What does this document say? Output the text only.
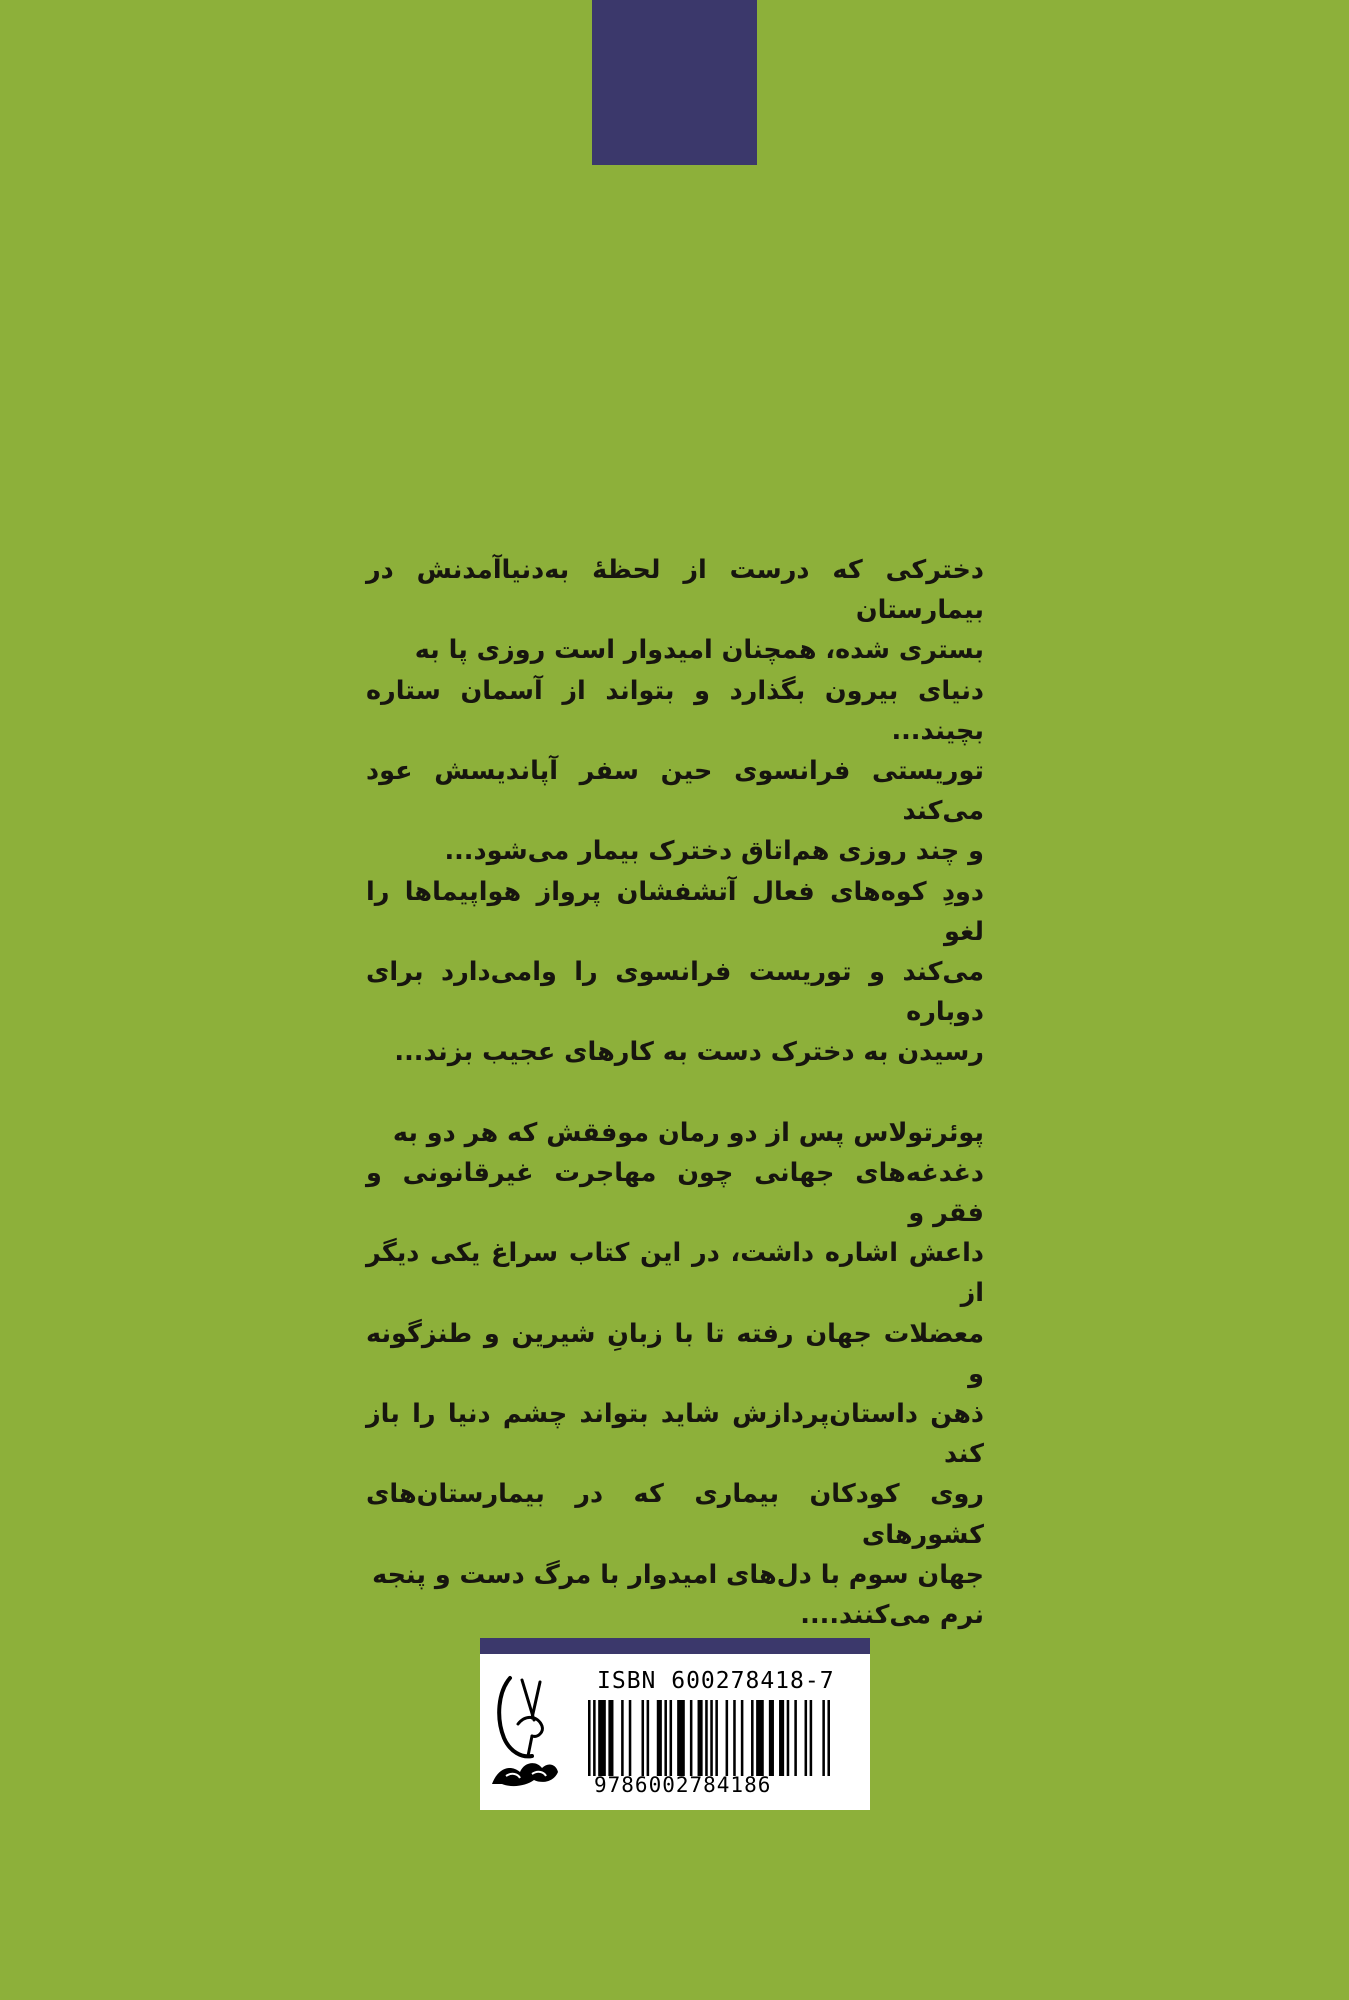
دختر‌کی که درست از لحظهٔ به‌دنیاآمدنش در بیمارستان
بستری شده، همچنان امیدوار است روزی پا به
دنیای بیرون بگذارد و بتواند از آسمان ستاره بچیند...
توریستی فرانسوی حین سفر آپاندیسش عود می‌کند
و چند روزی هم‌اتاق دخترک بیمار می‌شود...
دودِ کوه‌های فعال آتشفشان پرواز هواپیماها را لغو
می‌کند و توریست فرانسوی را وامی‌دارد برای دوباره
رسیدن به دخترک دست به کارهای عجیب بزند...

پوئرتولاس پس از دو رمان موفقش که هر دو به
دغدغه‌های جهانی چون مهاجرت غیرقانونی و فقر و
داعش اشاره داشت، در این کتاب سراغ یکی دیگر از
معضلات جهان رفته تا با زبانِ شیرین و طنزگونه و
ذهن داستان‌پرداز‌ش شاید بتواند چشم دنیا را باز کند
روی کودکان بیماری که در بیمارستان‌های کشورهای
جهان سوم با دل‌های امیدوار با مرگ دست و پنجه
نرم می‌کنند....

ISBN 600278418-7
9786002784186
